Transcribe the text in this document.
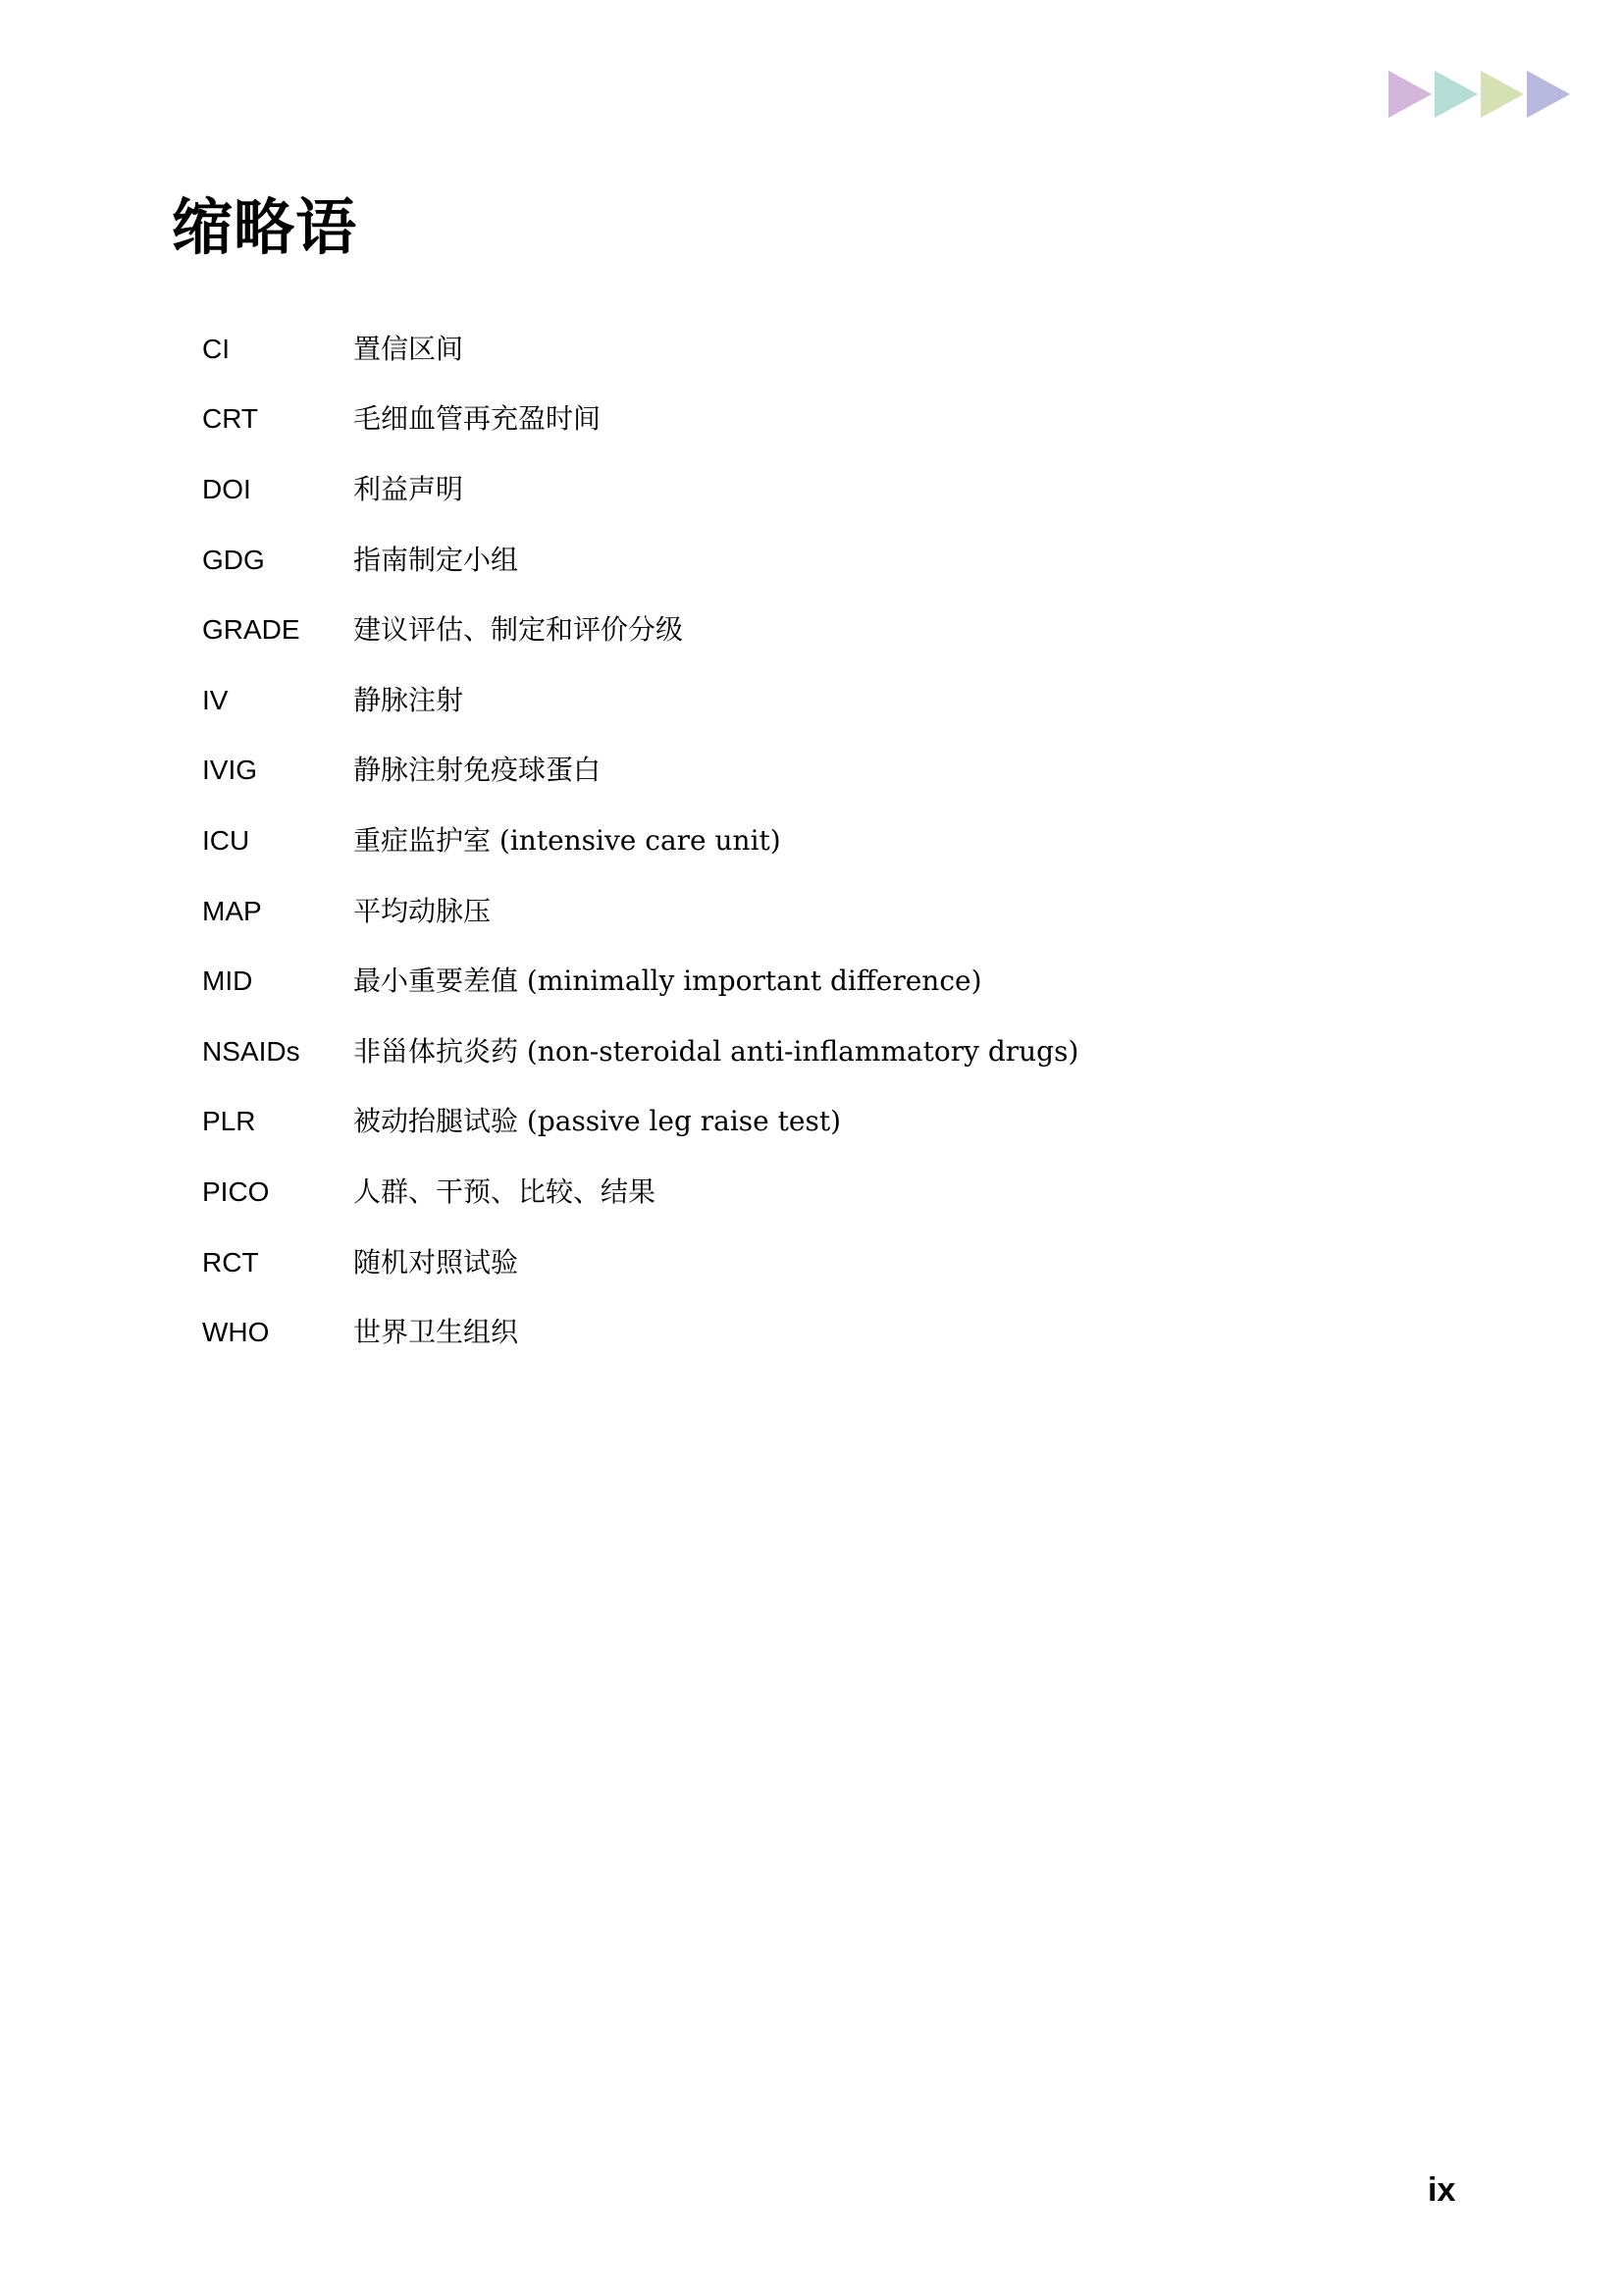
缩略语
CI	置信区间
CRT	毛细血管再充盈时间
DOI	利益声明
GDG	指南制定小组
GRADE	建议评估、制定和评价分级
IV	静脉注射
IVIG	静脉注射免疫球蛋白
ICU	重症监护室 (intensive care unit)
MAP	平均动脉压
MID	最小重要差值 (minimally important difference)
NSAIDs	非甾体抗炎药 (non-steroidal anti-inflammatory drugs)
PLR	被动抬腿试验 (passive leg raise test)
PICO	人群、干预、比较、结果
RCT	随机对照试验
WHO	世界卫生组织
ix
